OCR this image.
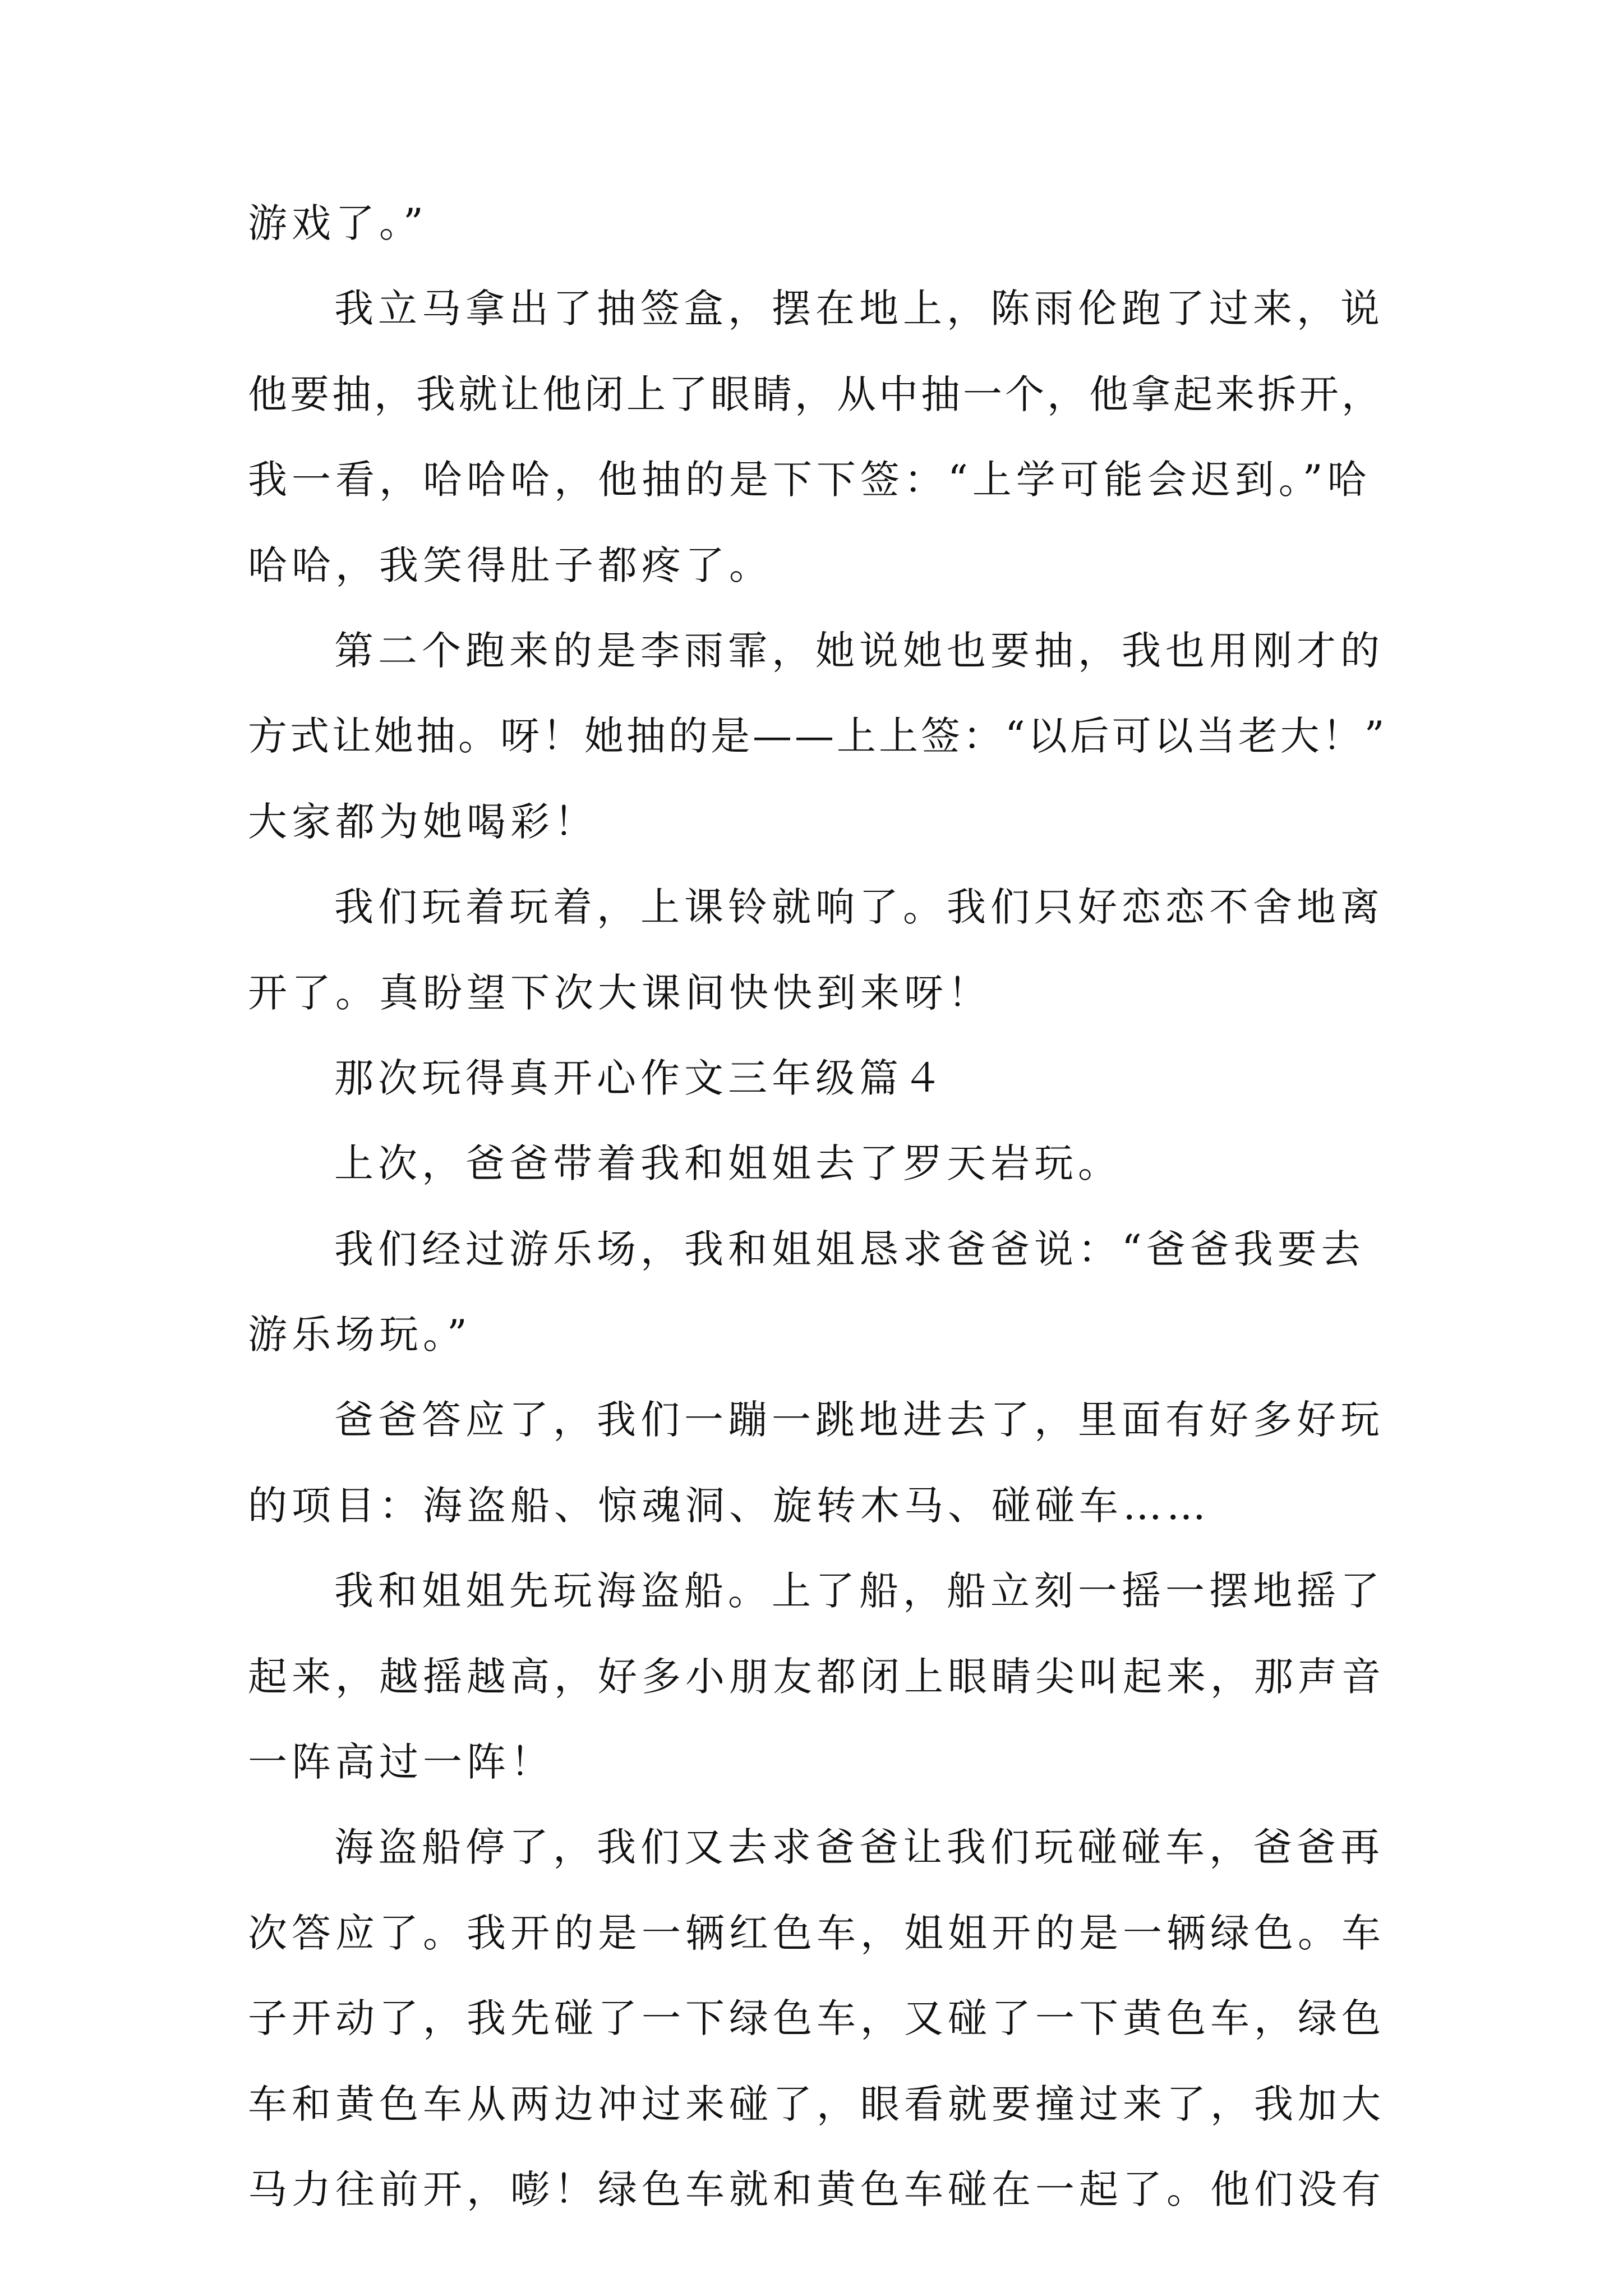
游戏了。”
我立马拿出了抽签盒，摆在地上，陈雨伦跑了过来，说
他要抽，我就让他闭上了眼睛，从中抽一个，他拿起来拆开，
我一看，哈哈哈，他抽的是下下签：“上学可能会迟到。”哈
哈哈，我笑得肚子都疼了。
第二个跑来的是李雨霏，她说她也要抽，我也用刚才的
方式让她抽。呀！她抽的是——上上签：“以后可以当老大！”
大家都为她喝彩！
我们玩着玩着，上课铃就响了。我们只好恋恋不舍地离
开了。真盼望下次大课间快快到来呀！
那次玩得真开心作文三年级篇４
上次，爸爸带着我和姐姐去了罗天岩玩。
我们经过游乐场，我和姐姐恳求爸爸说：“爸爸我要去
游乐场玩。”
爸爸答应了，我们一蹦一跳地进去了，里面有好多好玩
的项目：海盗船、惊魂洞、旋转木马、碰碰车……
我和姐姐先玩海盗船。上了船，船立刻一摇一摆地摇了
起来，越摇越高，好多小朋友都闭上眼睛尖叫起来，那声音
一阵高过一阵！
海盗船停了，我们又去求爸爸让我们玩碰碰车，爸爸再
次答应了。我开的是一辆红色车，姐姐开的是一辆绿色。车
子开动了，我先碰了一下绿色车，又碰了一下黄色车，绿色
车和黄色车从两边冲过来碰了，眼看就要撞过来了，我加大
马力往前开，嘭！绿色车就和黄色车碰在一起了。他们没有
